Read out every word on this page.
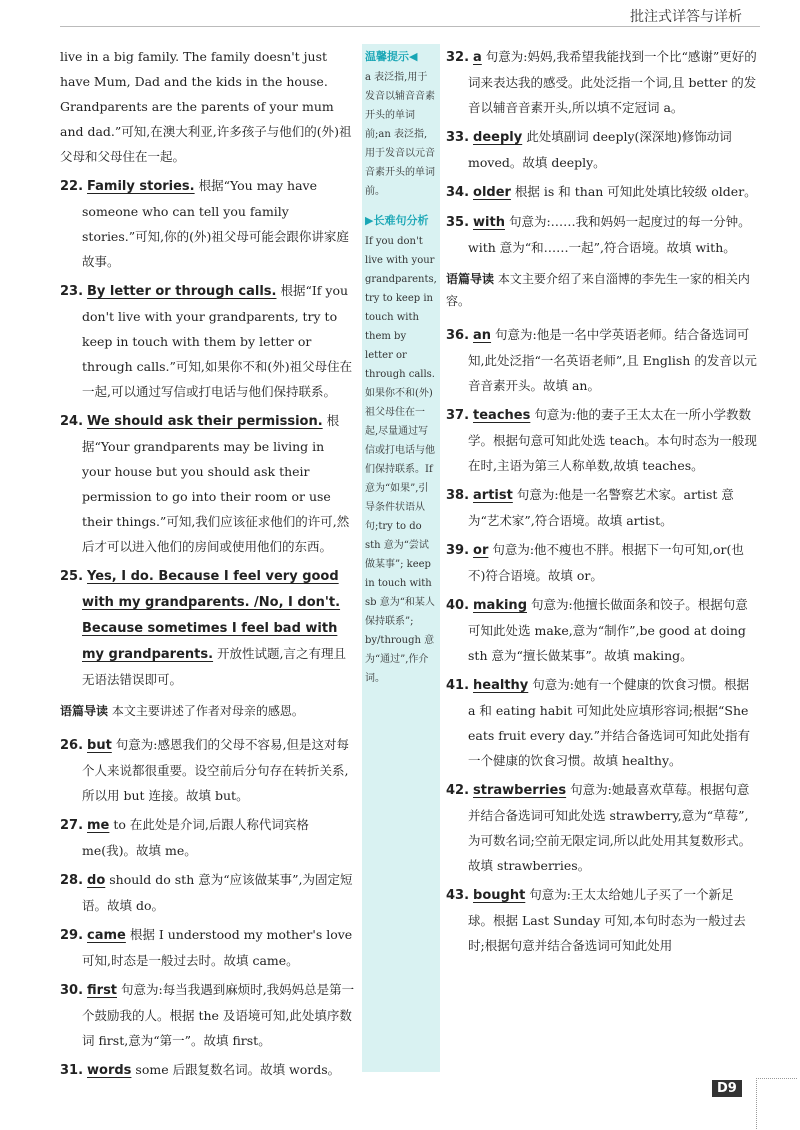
批注式详答与详析

live in a big family. The family doesn't just have Mum, Dad and the kids in the house. Grandparents are the parents of your mum and dad.”可知,在澳大利亚,许多孩子与他们的(外)祖父母和父母住在一起。

22. Family stories. 根据“You may have someone who can tell you family stories.”可知,你的(外)祖父母可能会跟你讲家庭故事。

23. By letter or through calls. 根据“If you don't live with your grandparents, try to keep in touch with them by letter or through calls.”可知,如果你不和(外)祖父母住在一起,可以通过写信或打电话与他们保持联系。

24. We should ask their permission. 根据“Your grandparents may be living in your house but you should ask their permission to go into their room or use their things.”可知,我们应该征求他们的许可,然后才可以进入他们的房间或使用他们的东西。

25. Yes, I do. Because I feel very good with my grandparents. /No, I don't. Because sometimes I feel bad with my grandparents. 开放性试题,言之有理且无语法错误即可。

语篇导读 本文主要讲述了作者对母亲的感恩。

26. but 句意为:感恩我们的父母不容易,但是这对每个人来说都很重要。设空前后分句存在转折关系,所以用 but 连接。故填 but。

27. me to 在此处是介词,后跟人称代词宾格 me(我)。故填 me。

28. do should do sth 意为“应该做某事”,为固定短语。故填 do。

29. came 根据 I understood my mother's love 可知,时态是一般过去时。故填 came。

30. first 句意为:每当我遇到麻烦时,我妈妈总是第一个鼓励我的人。根据 the 及语境可知,此处填序数词 first,意为“第一”。故填 first。

31. words some 后跟复数名词。故填 words。

温馨提示◀
a 表泛指,用于发音以辅音音素开头的单词前;an 表泛指,用于发音以元音音素开头的单词前。
▶长难句分析
If you don't live with your grandparents, try to keep in touch with them by letter or through calls. 如果你不和(外)祖父母住在一起,尽量通过写信或打电话与他们保持联系。If 意为“如果”,引导条件状语从句;try to do sth 意为“尝试做某事”; keep in touch with sb 意为“和某人保持联系”; by/through 意为“通过”,作介词。

32. a 句意为:妈妈,我希望我能找到一个比“感谢”更好的词来表达我的感受。此处泛指一个词,且 better 的发音以辅音音素开头,所以填不定冠词 a。

33. deeply 此处填副词 deeply(深深地)修饰动词 moved。故填 deeply。

34. older 根据 is 和 than 可知此处填比较级 older。

35. with 句意为:……我和妈妈一起度过的每一分钟。with 意为“和……一起”,符合语境。故填 with。

语篇导读 本文主要介绍了来自淄博的李先生一家的相关内容。

36. an 句意为:他是一名中学英语老师。结合备选词可知,此处泛指“一名英语老师”,且 English 的发音以元音音素开头。故填 an。

37. teaches 句意为:他的妻子王太太在一所小学教数学。根据句意可知此处选 teach。本句时态为一般现在时,主语为第三人称单数,故填 teaches。

38. artist 句意为:他是一名警察艺术家。artist 意为“艺术家”,符合语境。故填 artist。

39. or 句意为:他不瘦也不胖。根据下一句可知,or(也不)符合语境。故填 or。

40. making 句意为:他擅长做面条和饺子。根据句意可知此处选 make,意为“制作”,be good at doing sth 意为“擅长做某事”。故填 making。

41. healthy 句意为:她有一个健康的饮食习惯。根据 a 和 eating habit 可知此处应填形容词;根据“She eats fruit every day.”并结合备选词可知此处指有一个健康的饮食习惯。故填 healthy。

42. strawberries 句意为:她最喜欢草莓。根据句意并结合备选词可知此处选 strawberry,意为“草莓”,为可数名词;空前无限定词,所以此处用其复数形式。故填 strawberries。

43. bought 句意为:王太太给她儿子买了一个新足球。根据 Last Sunday 可知,本句时态为一般过去时;根据句意并结合备选词可知此处用

D9
